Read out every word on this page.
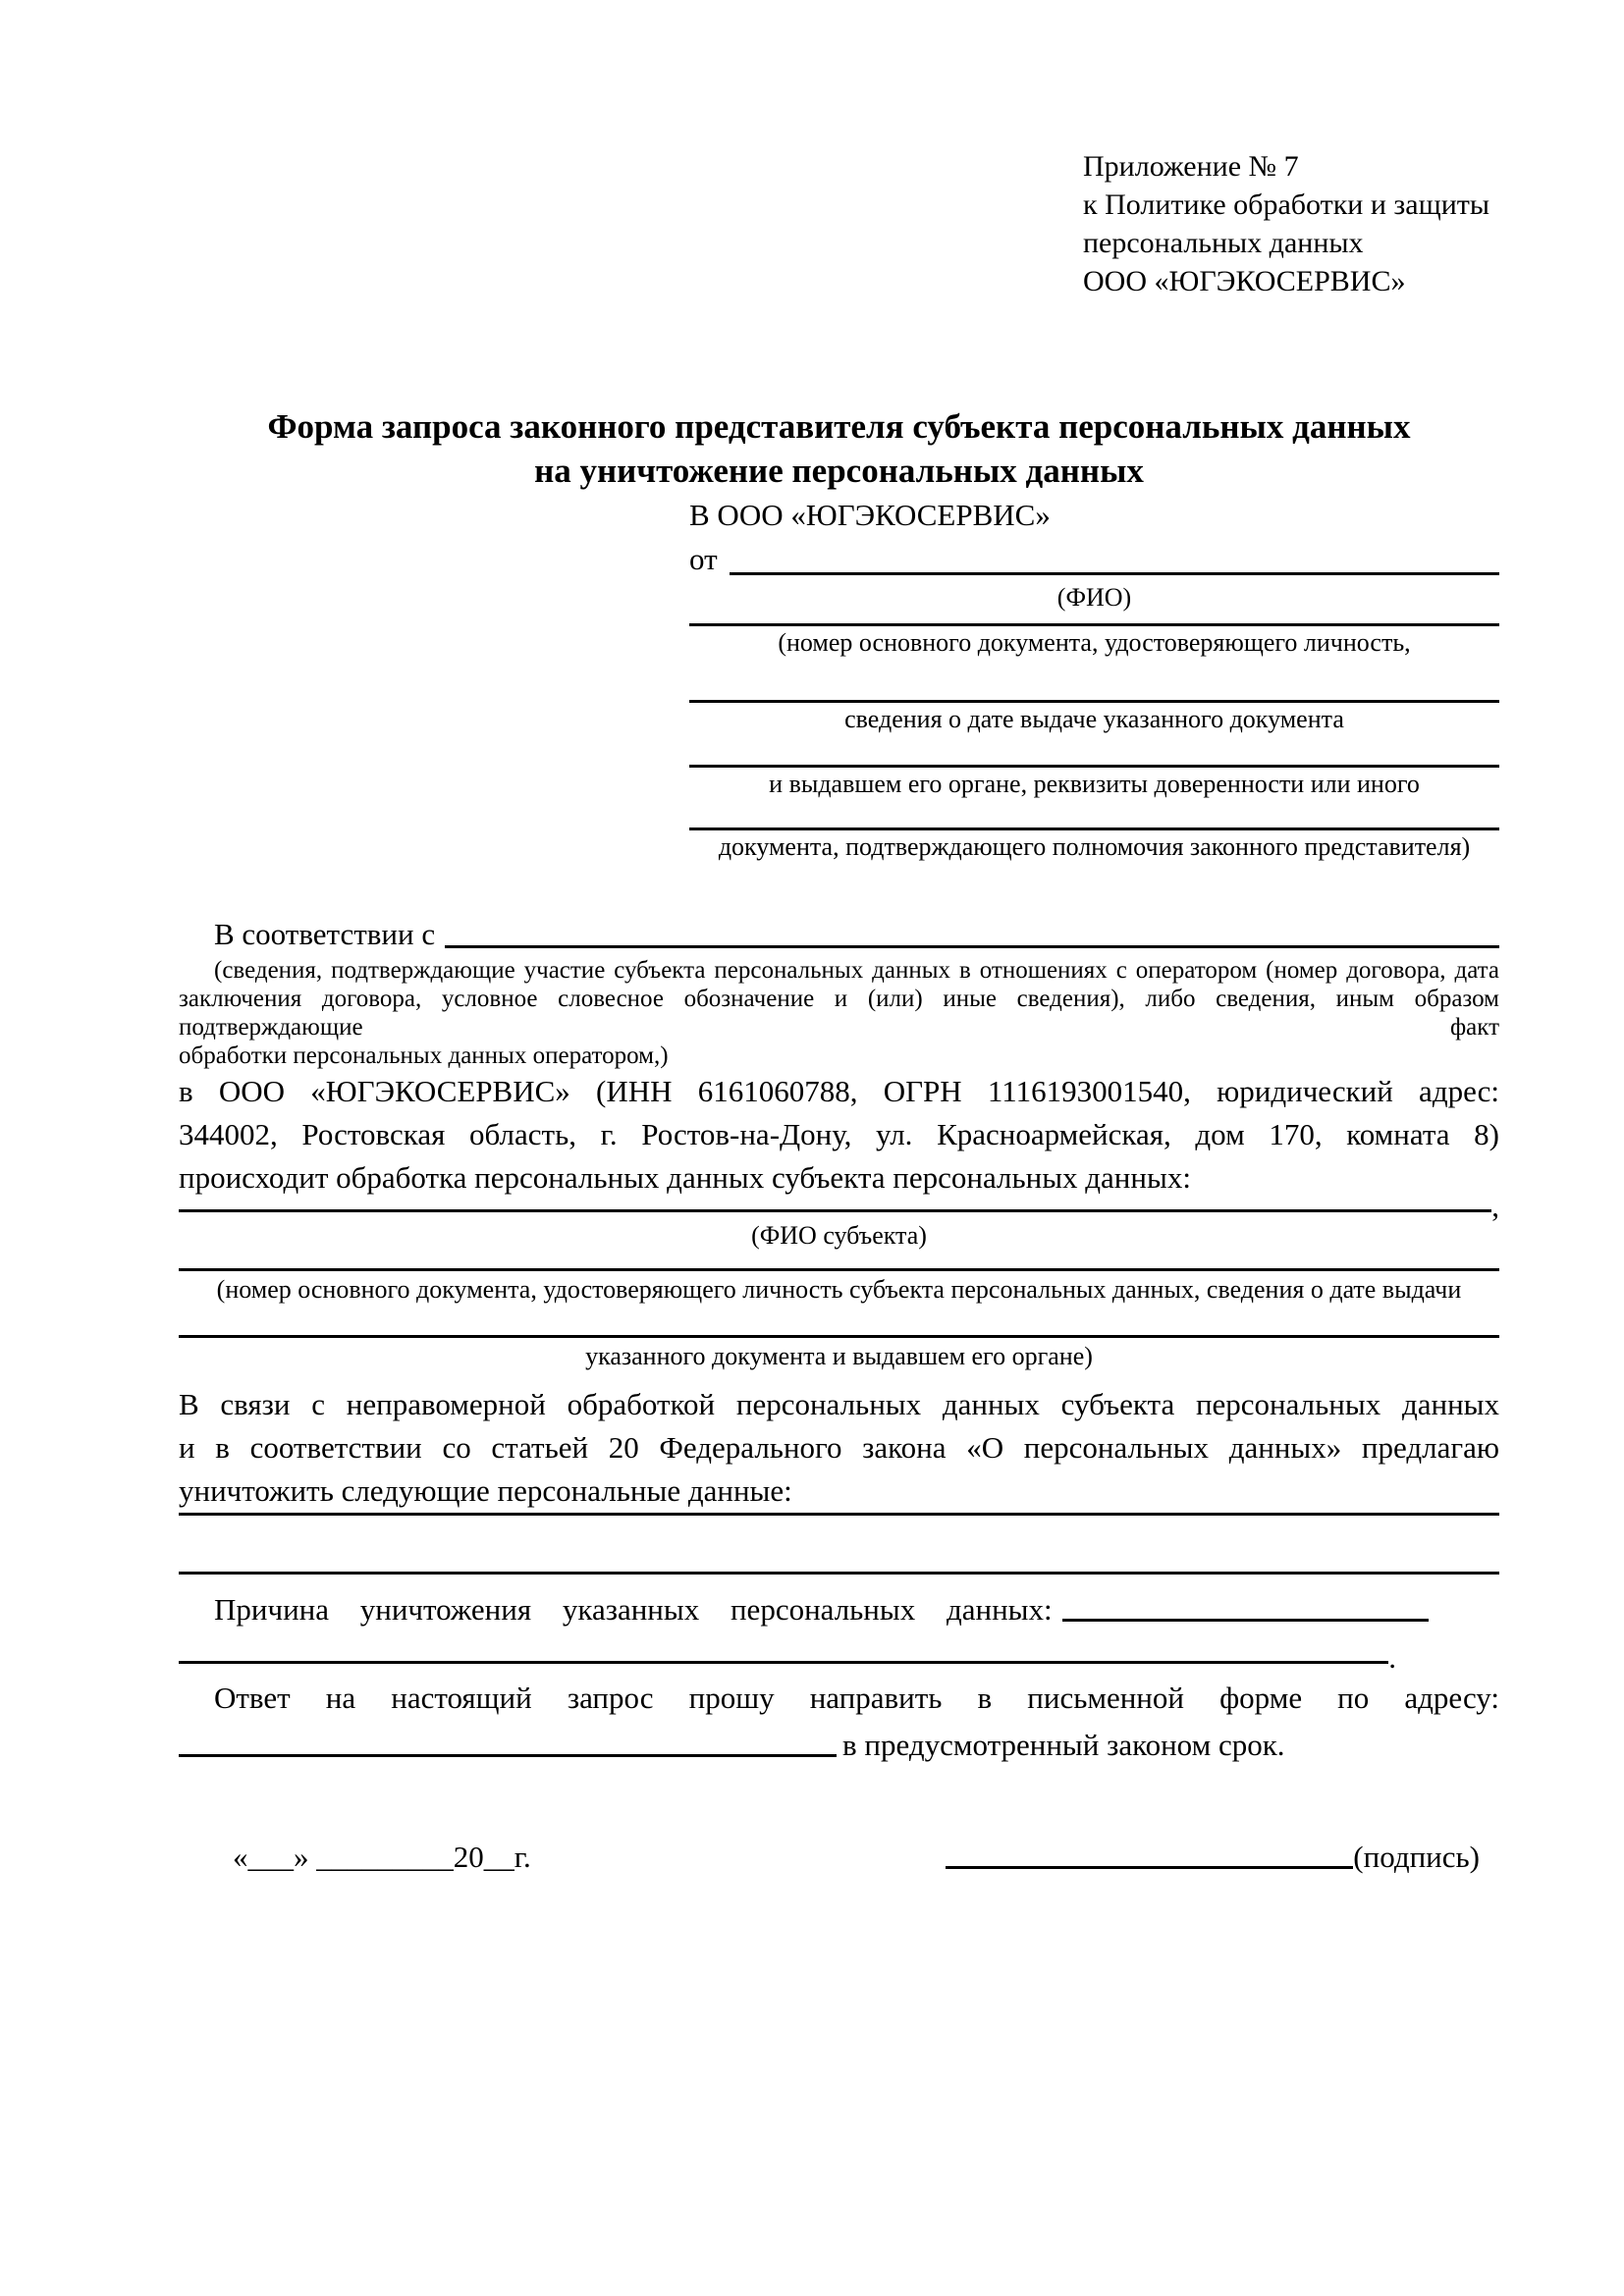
Приложение № 7
к Политике обработки и защиты
персональных данных
ООО «ЮГЭКОСЕРВИС»
Форма запроса законного представителя субъекта персональных данных
на уничтожение персональных данных
В ООО «ЮГЭКОСЕРВИС»
от
(ФИО)
(номер основного документа, удостоверяющего личность,
сведения о дате выдаче указанного документа
и выдавшем его органе, реквизиты доверенности или иного
документа, подтверждающего полномочия законного представителя)
В соответствии с
(сведения, подтверждающие участие субъекта персональных данных в отношениях с оператором (номер договора, дата
заключения договора, условное словесное обозначение и (или) иные сведения), либо сведения, иным образом подтверждающие факт
обработки персональных данных оператором,)
в ООО «ЮГЭКОСЕРВИС» (ИНН 6161060788, ОГРН 1116193001540, юридический адрес:
344002, Ростовская область, г. Ростов-на-Дону, ул. Красноармейская, дом 170, комната 8)
происходит обработка персональных данных субъекта персональных данных:
,
(ФИО субъекта)
(номер основного документа, удостоверяющего личность субъекта персональных данных, сведения о дате выдачи
указанного документа и выдавшем его органе)
В связи с неправомерной обработкой персональных данных субъекта персональных данных
и в соответствии со статьей 20 Федерального закона «О персональных данных» предлагаю
уничтожить следующие персональные данные:
Причина уничтожения указанных персональных данных:
.
Ответ на настоящий запрос прошу направить в письменной форме по адресу:
в предусмотренный законом срок.
«___» _________20__г.	(подпись)
